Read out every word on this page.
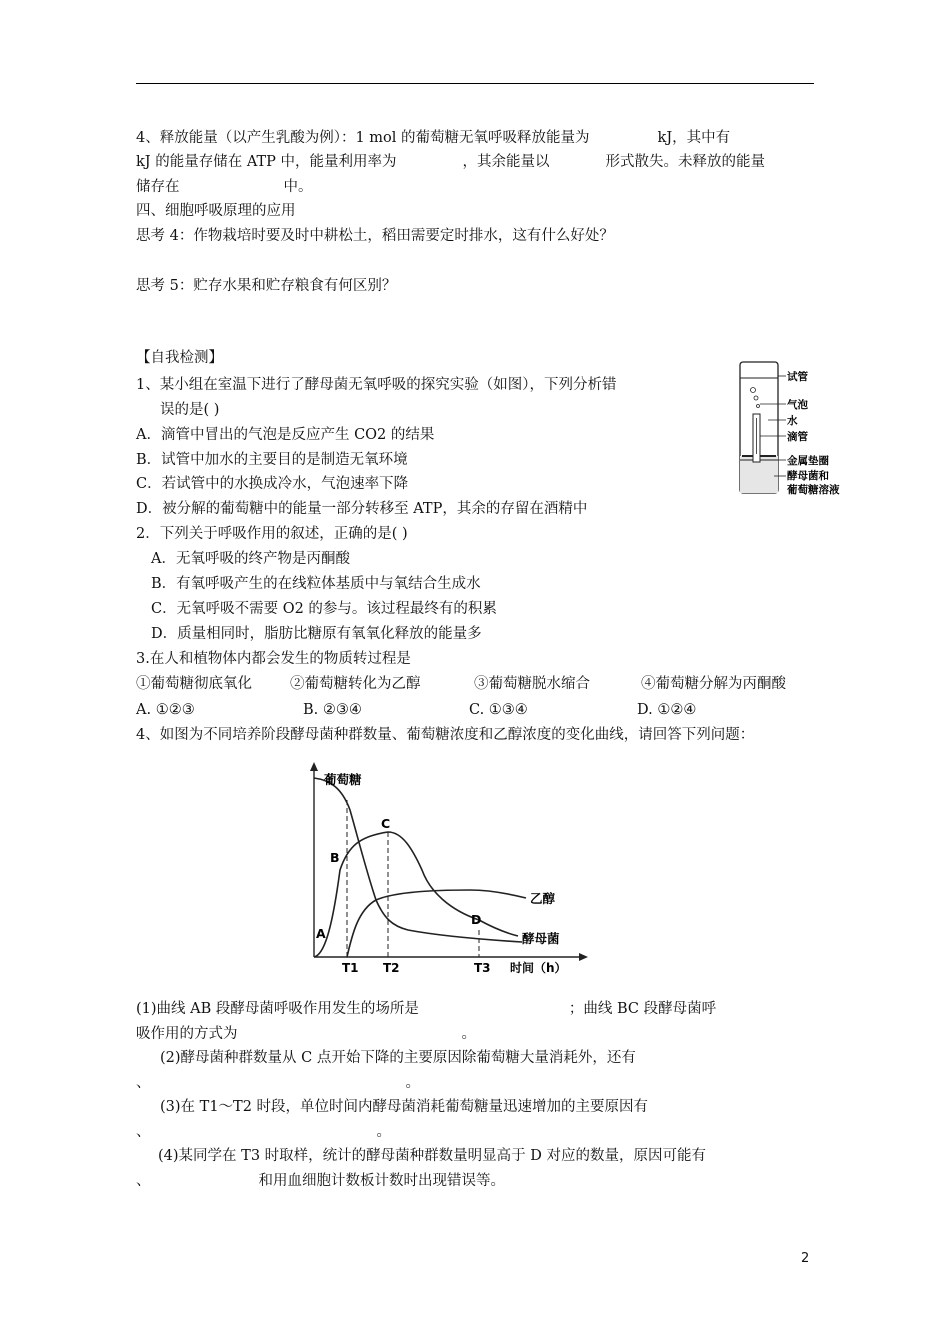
4、释放能量（以产生乳酸为例）：1 mol 的葡萄糖无氧呼吸释放能量为	kJ，其中有
kJ 的能量存储在 ATP 中，能量利用率为	，其余能量以	形式散失。未释放的能量
储存在	中。
四、细胞呼吸原理的应用
思考 4：作物栽培时要及时中耕松土，稻田需要定时排水，这有什么好处？
思考 5：贮存水果和贮存粮食有何区别？
【自我检测】
1、某小组在室温下进行了酵母菌无氧呼吸的探究实验（如图），下列分析错
误的是( )
A．滴管中冒出的气泡是反应产生 CO2 的结果
B．试管中加水的主要目的是制造无氧环境
C．若试管中的水换成冷水，气泡速率下降
D．被分解的葡萄糖中的能量一部分转移至 ATP，其余的存留在酒精中
试管
气泡
水
滴管
金属垫圈
酵母菌和
葡萄糖溶液
2．下列关于呼吸作用的叙述，正确的是( )
A．无氧呼吸的终产物是丙酮酸
B．有氧呼吸产生的在线粒体基质中与氧结合生成水
C．无氧呼吸不需要 O2 的参与。该过程最终有的积累
D．质量相同时，脂肪比糖原有氧氧化释放的能量多
3.在人和植物体内都会发生的物质转过程是
①葡萄糖彻底氧化	②葡萄糖转化为乙醇	③葡萄糖脱水缩合	④葡萄糖分解为丙酮酸
A. ①②③	B. ②③④	C. ①③④	D. ①②④
4、如图为不同培养阶段酵母菌种群数量、葡萄糖浓度和乙醇浓度的变化曲线，请回答下列问题：
葡萄糖
乙醇
酵母菌
A
B
C
D
T1 T2	T3 时间（h）
(1)曲线 AB 段酵母菌呼吸作用发生的场所是	；曲线 BC 段酵母菌呼
吸作用的方式为	。
(2)酵母菌种群数量从 C 点开始下降的主要原因除葡萄糖大量消耗外，还有
、	。
(3)在 T1～T2 时段，单位时间内酵母菌消耗葡萄糖量迅速增加的主要原因有
、	。
(4)某同学在 T3 时取样，统计的酵母菌种群数量明显高于 D 对应的数量，原因可能有
、	和用血细胞计数板计数时出现错误等。
2
